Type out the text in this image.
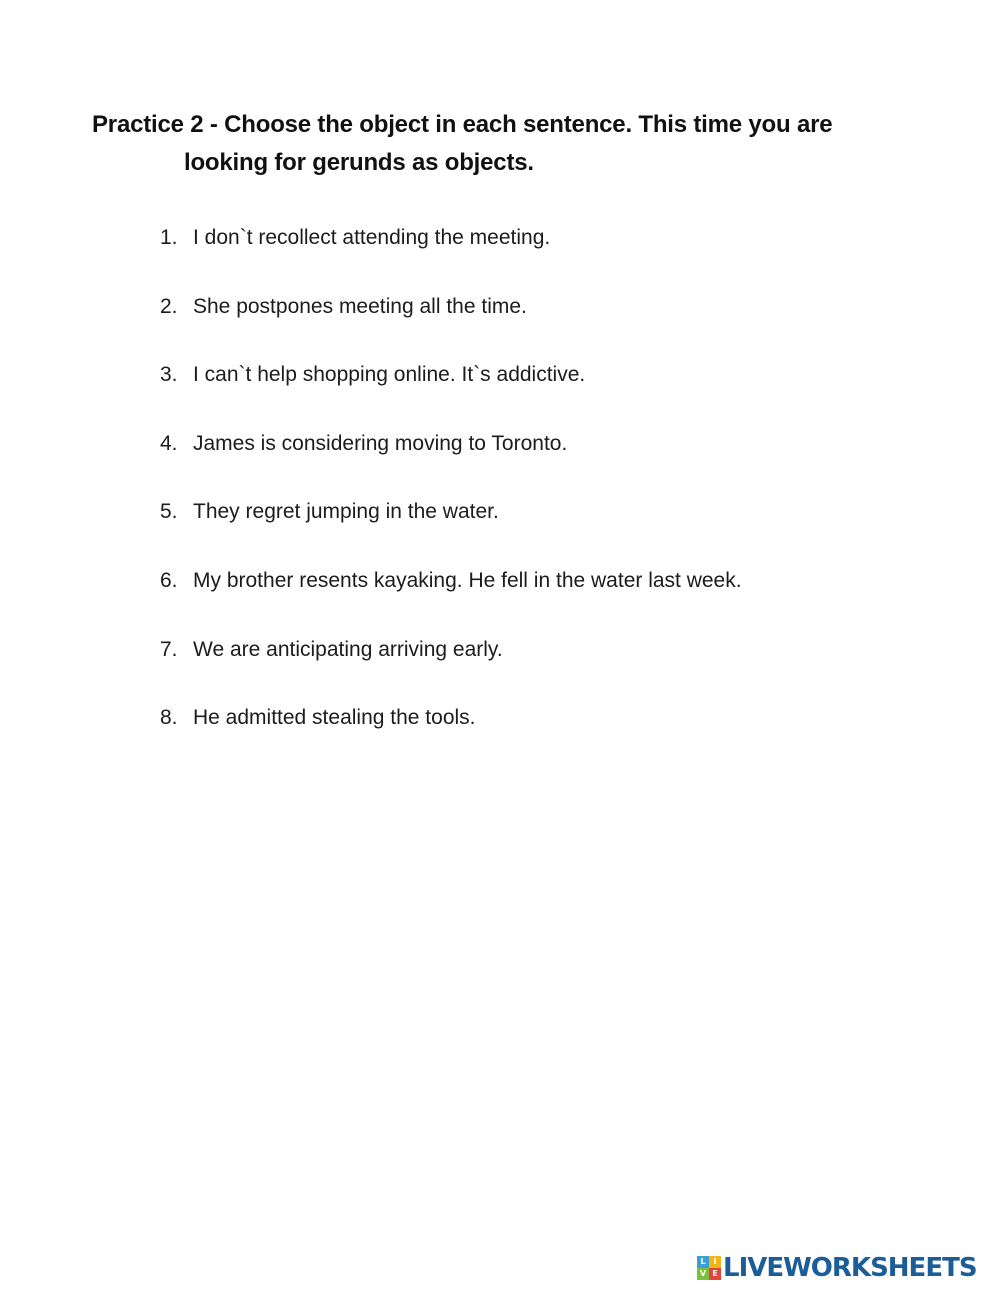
Practice 2 - Choose the object in each sentence. This time you are
looking for gerunds as objects.
1. I don`t recollect attending the meeting.
2. She postpones meeting all the time.
3. I can`t help shopping online. It`s addictive.
4. James is considering moving to Toronto.
5. They regret jumping in the water.
6. My brother resents kayaking. He fell in the water last week.
7. We are anticipating arriving early.
8. He admitted stealing the tools.
L I
V E LIVEWORKSHEETS
